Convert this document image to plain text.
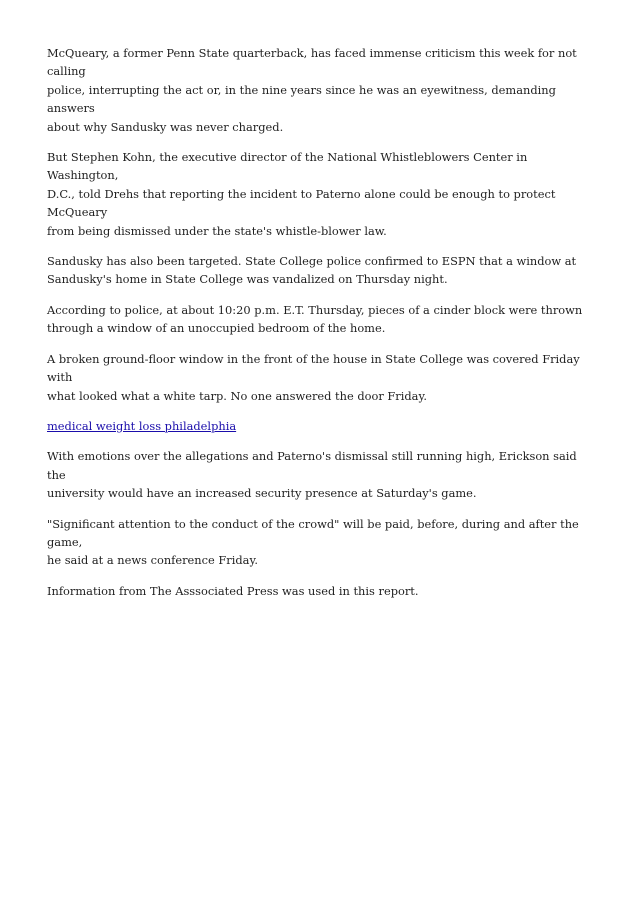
McQueary, a former Penn State quarterback, has faced immense criticism this week for not calling
police, interrupting the act or, in the nine years since he was an eyewitness, demanding answers
about why Sandusky was never charged.

But Stephen Kohn, the executive director of the National Whistleblowers Center in Washington,
D.C., told Drehs that reporting the incident to Paterno alone could be enough to protect McQueary
from being dismissed under the state's whistle-blower law.

Sandusky has also been targeted. State College police confirmed to ESPN that a window at
Sandusky's home in State College was vandalized on Thursday night.

According to police, at about 10:20 p.m. E.T. Thursday, pieces of a cinder block were thrown
through a window of an unoccupied bedroom of the home.

A broken ground-floor window in the front of the house in State College was covered Friday with
what looked what a white tarp. No one answered the door Friday.

medical weight loss philadelphia

With emotions over the allegations and Paterno's dismissal still running high, Erickson said the
university would have an increased security presence at Saturday's game.

"Significant attention to the conduct of the crowd" will be paid, before, during and after the game,
he said at a news conference Friday.

Information from The Asssociated Press was used in this report.
